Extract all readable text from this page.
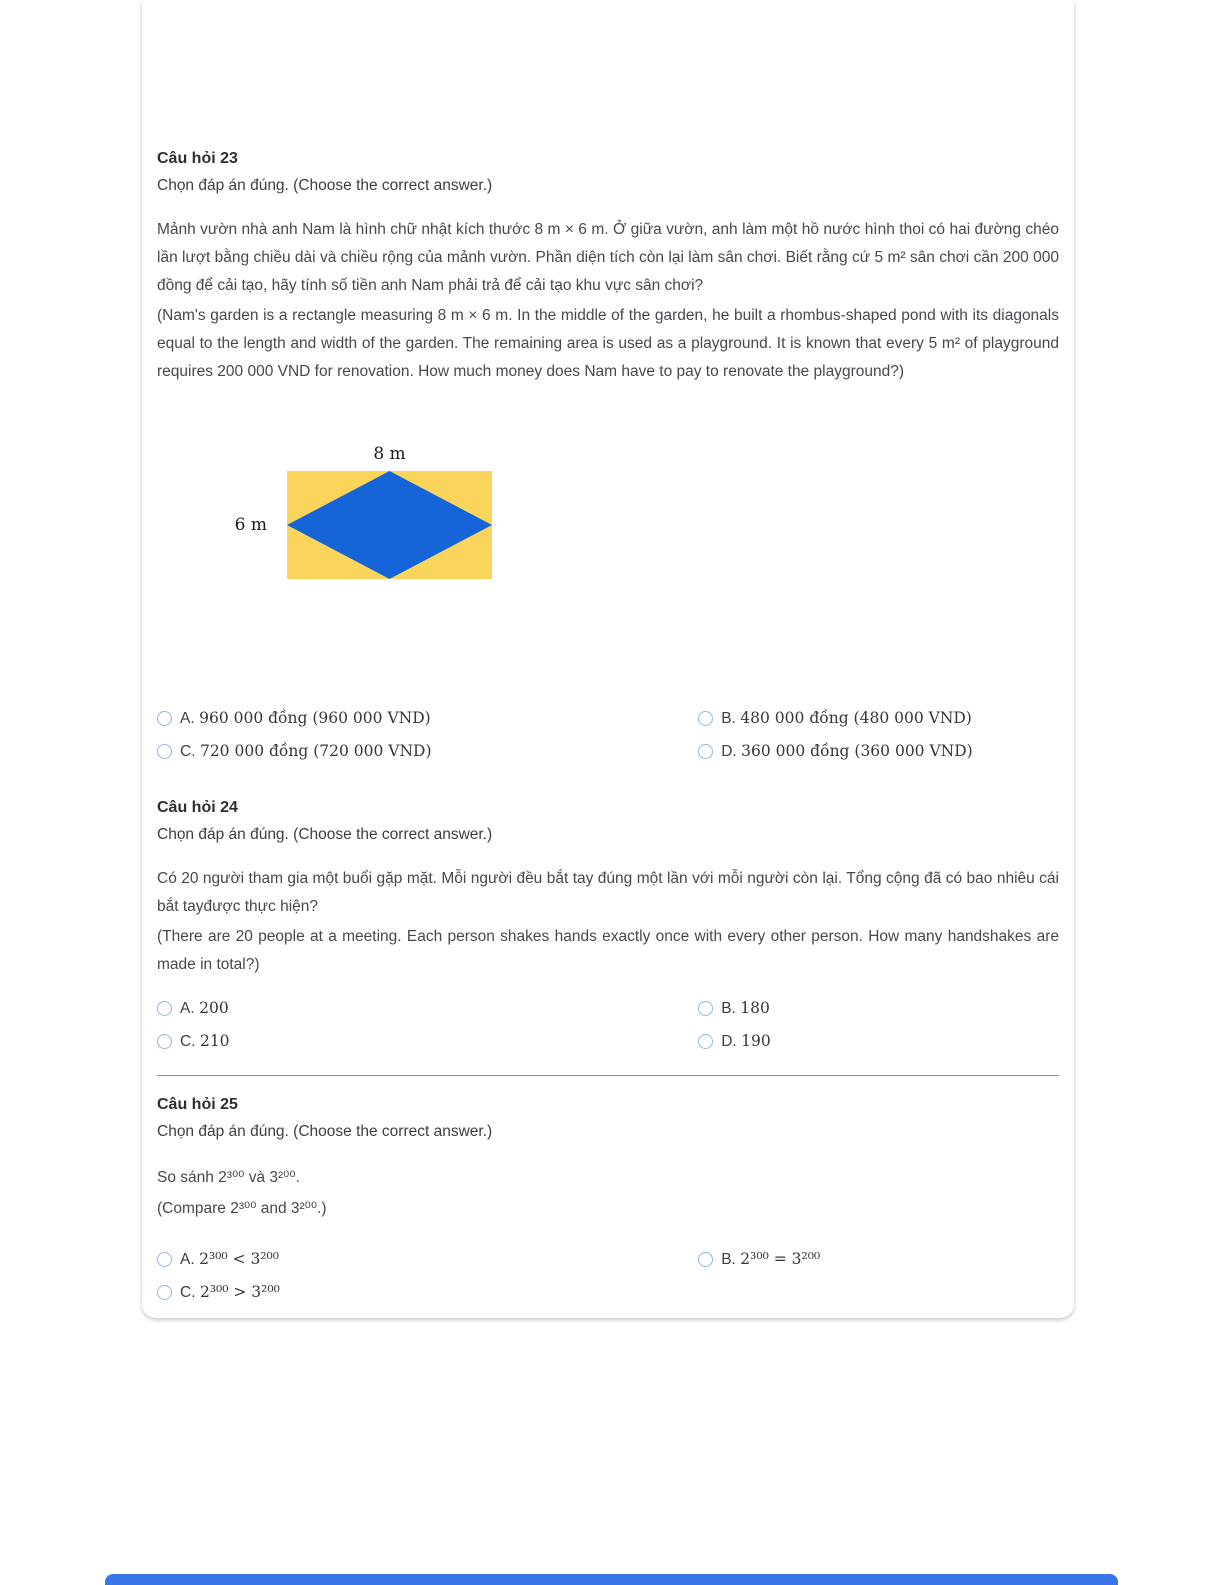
Câu hỏi 23
Chọn đáp án đúng. (Choose the correct answer.)

Mảnh vườn nhà anh Nam là hình chữ nhật kích thước 8 m × 6 m. Ở giữa vườn, anh làm một hồ nước hình thoi có hai đường chéo lần lượt bằng chiều dài và chiều rộng của mảnh vườn. Phần diện tích còn lại làm sân chơi. Biết rằng cứ 5 m² sân chơi cần 200 000 đồng để cải tạo, hãy tính số tiền anh Nam phải trả để cải tạo khu vực sân chơi?

(Nam's garden is a rectangle measuring 8 m × 6 m. In the middle of the garden, he built a rhombus-shaped pond with its diagonals equal to the length and width of the garden. The remaining area is used as a playground. It is known that every 5 m² of playground requires 200 000 VND for renovation. How much money does Nam have to pay to renovate the playground?)

8 m
6 m
A. 960 000 đồng (960 000 VND)	B. 480 000 đồng (480 000 VND)
C. 720 000 đồng (720 000 VND)	D. 360 000 đồng (360 000 VND)
Câu hỏi 24
Chọn đáp án đúng. (Choose the correct answer.)

Có 20 người tham gia một buổi gặp mặt. Mỗi người đều bắt tay đúng một lần với mỗi người còn lại. Tổng cộng đã có bao nhiêu cái bắt tayđược thực hiện?

(There are 20 people at a meeting. Each person shakes hands exactly once with every other person. How many handshakes are made in total?)

A. 200	B. 180
C. 210	D. 190
Câu hỏi 25
Chọn đáp án đúng. (Choose the correct answer.)
So sánh 2³⁰⁰ và 3²⁰⁰.
(Compare 2³⁰⁰ and 3²⁰⁰.)
A. 2³⁰⁰ < 3²⁰⁰	B. 2³⁰⁰ = 3²⁰⁰
C. 2³⁰⁰ > 3²⁰⁰
